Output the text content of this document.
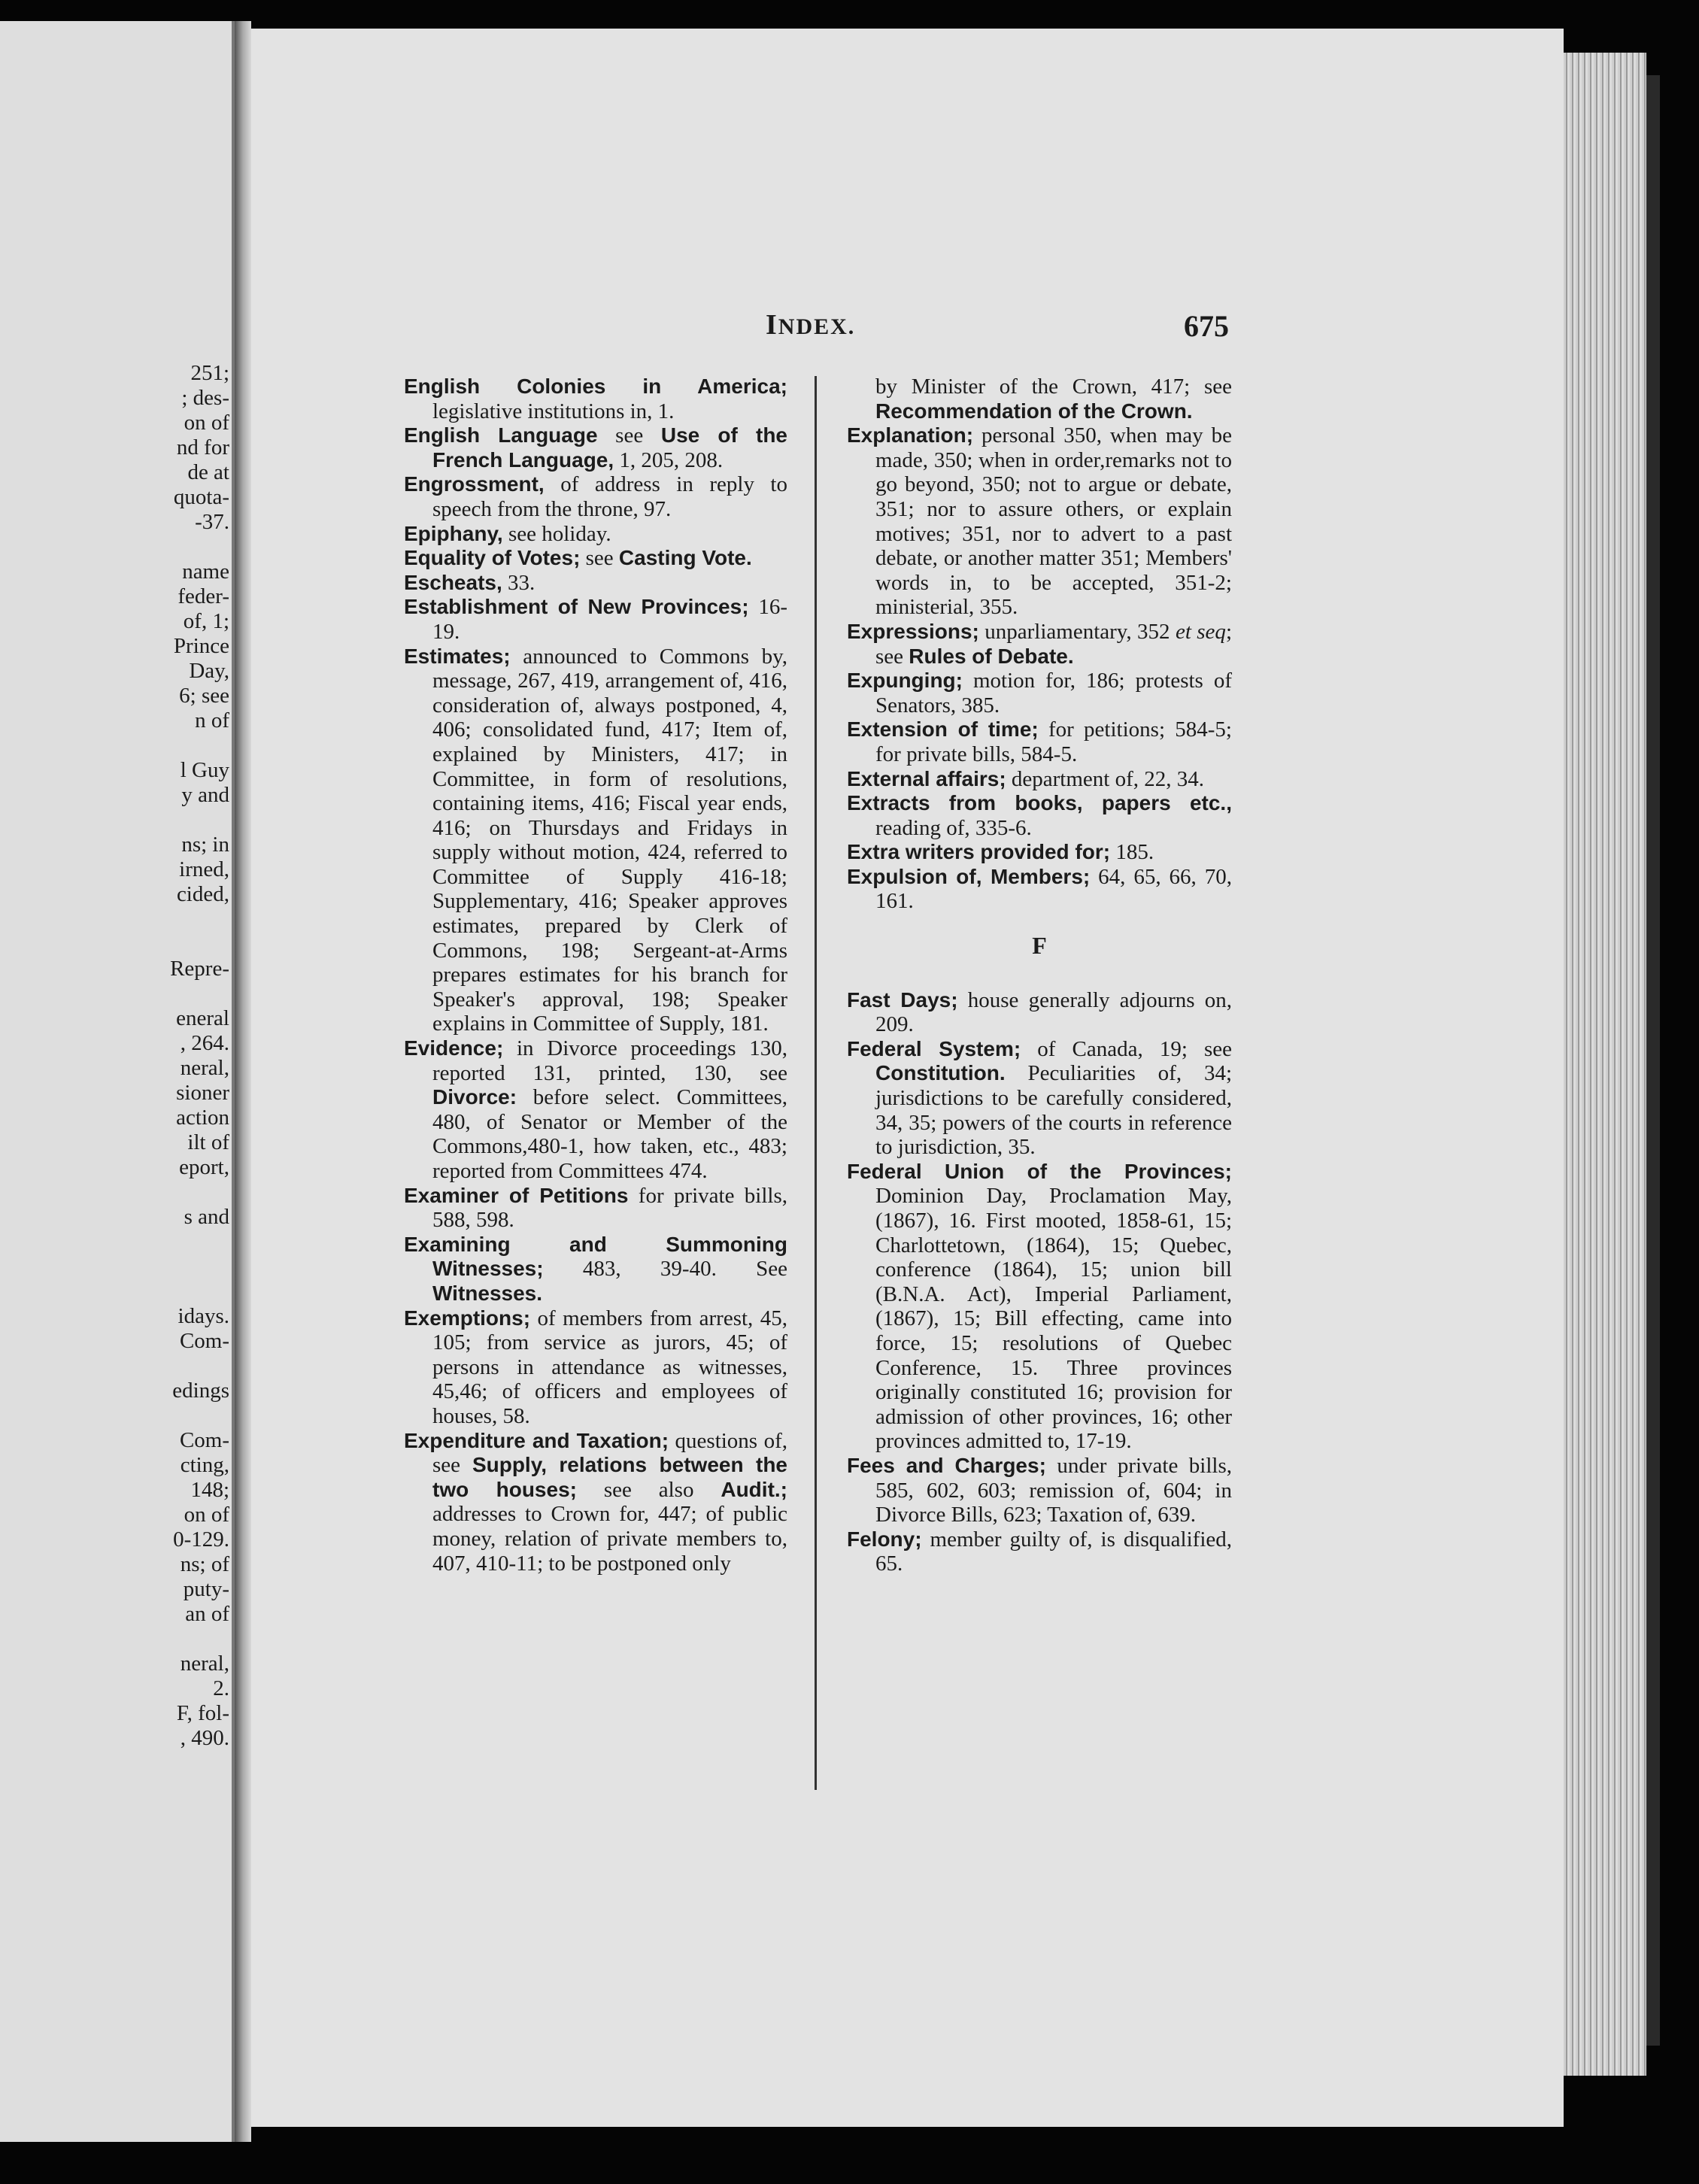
INDEX.	675
251;
; des-
on of
nd for
de at
quota-
-37.
name
feder-
of, 1;
Prince
Day,
6; see
n of
l Guy
y and
ns; in
irned,
cided,
Repre-
eneral
, 264.
neral,
sioner
action
ilt of
eport,
s and
idays.
Com-
edings
Com-
cting,
148;
on of
0-129.
ns; of
puty-
an of
neral,
2.
F, fol-
, 490.

English Colonies in America; legislative institutions in, 1.

English Language see Use of the French Language, 1, 205, 208.

Engrossment, of address in reply to speech from the throne, 97.

Epiphany, see holiday.

Equality of Votes; see Casting Vote.

Escheats, 33.

Establishment of New Provinces; 16-19.

Estimates; announced to Commons by, message, 267, 419, arrangement of, 416, consideration of, always postponed, 4, 406; consolidated fund, 417; Item of, explained by Ministers, 417; in Committee, in form of resolutions, containing items, 416; Fiscal year ends, 416; on Thursdays and Fridays in supply without motion, 424, referred to Committee of Supply 416-18; Supplementary, 416; Speaker approves estimates, prepared by Clerk of Commons, 198; Sergeant-at-Arms prepares estimates for his branch for Speaker's approval, 198; Speaker explains in Committee of Supply, 181.

Evidence; in Divorce proceedings 130, reported 131, printed, 130, see Divorce: before select. Committees, 480, of Senator or Member of the Commons,480-1, how taken, etc., 483; reported from Committees 474.

Examiner of Petitions for private bills, 588, 598.

Examining and Summoning Witnesses; 483, 39-40. See Witnesses.

Exemptions; of members from arrest, 45, 105; from service as jurors, 45; of persons in attendance as witnesses, 45,46; of officers and employees of houses, 58.

Expenditure and Taxation; questions of, see Supply, relations between the two houses; see also Audit.; addresses to Crown for, 447; of public money, relation of private members to, 407, 410-11; to be postponed only

by Minister of the Crown, 417; see Recommendation of the Crown.

Explanation; personal 350, when may be made, 350; when in order,remarks not to go beyond, 350; not to argue or debate, 351; nor to assure others, or explain motives; 351, nor to advert to a past debate, or another matter 351; Members' words in, to be accepted, 351-2; ministerial, 355.

Expressions; unparliamentary, 352 et seq; see Rules of Debate.

Expunging; motion for, 186; protests of Senators, 385.

Extension of time; for petitions; 584-5; for private bills, 584-5.

External affairs; department of, 22, 34.

Extracts from books, papers etc., reading of, 335-6.

Extra writers provided for; 185.

Expulsion of, Members; 64, 65, 66, 70, 161.

F

Fast Days; house generally adjourns on, 209.

Federal System; of Canada, 19; see Constitution. Peculiarities of, 34; jurisdictions to be carefully considered, 34, 35; powers of the courts in reference to jurisdiction, 35.

Federal Union of the Provinces; Dominion Day, Proclamation May, (1867), 16. First mooted, 1858-61, 15; Charlottetown, (1864), 15; Quebec, conference (1864), 15; union bill (B.N.A. Act), Imperial Parliament, (1867), 15; Bill effecting, came into force, 15; resolutions of Quebec Conference, 15. Three provinces originally constituted 16; provision for admission of other provinces, 16; other provinces admitted to, 17-19.

Fees and Charges; under private bills, 585, 602, 603; remission of, 604; in Divorce Bills, 623; Taxation of, 639.

Felony; member guilty of, is disqualified, 65.
